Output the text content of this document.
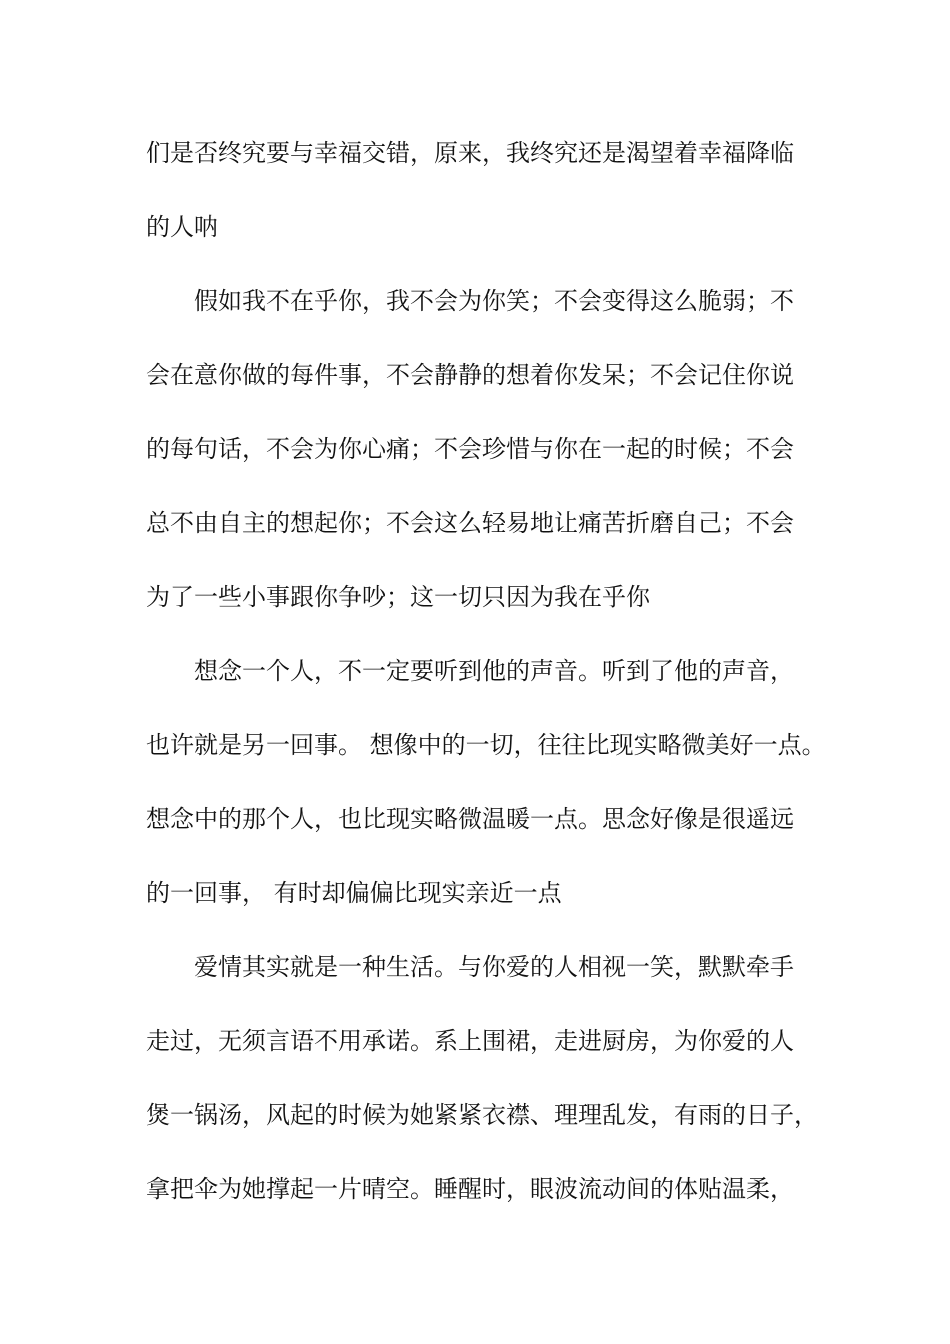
们是否终究要与幸福交错，原来，我终究还是渴望着幸福降临
的人呐
假如我不在乎你，我不会为你笑；不会变得这么脆弱；不
会在意你做的每件事，不会静静的想着你发呆；不会记住你说
的每句话，不会为你心痛；不会珍惜与你在一起的时候；不会
总不由自主的想起你；不会这么轻易地让痛苦折磨自己；不会
为了一些小事跟你争吵；这一切只因为我在乎你
想念一个人，不一定要听到他的声音。听到了他的声音，
也许就是另一回事。 想像中的一切，往往比现实略微美好一点。
想念中的那个人，也比现实略微温暖一点。思念好像是很遥远
的一回事， 有时却偏偏比现实亲近一点
爱情其实就是一种生活。与你爱的人相视一笑，默默牵手
走过，无须言语不用承诺。系上围裙，走进厨房，为你爱的人
煲一锅汤，风起的时候为她紧紧衣襟、理理乱发，有雨的日子，
拿把伞为她撑起一片晴空。睡醒时，眼波流动间的体贴温柔，
